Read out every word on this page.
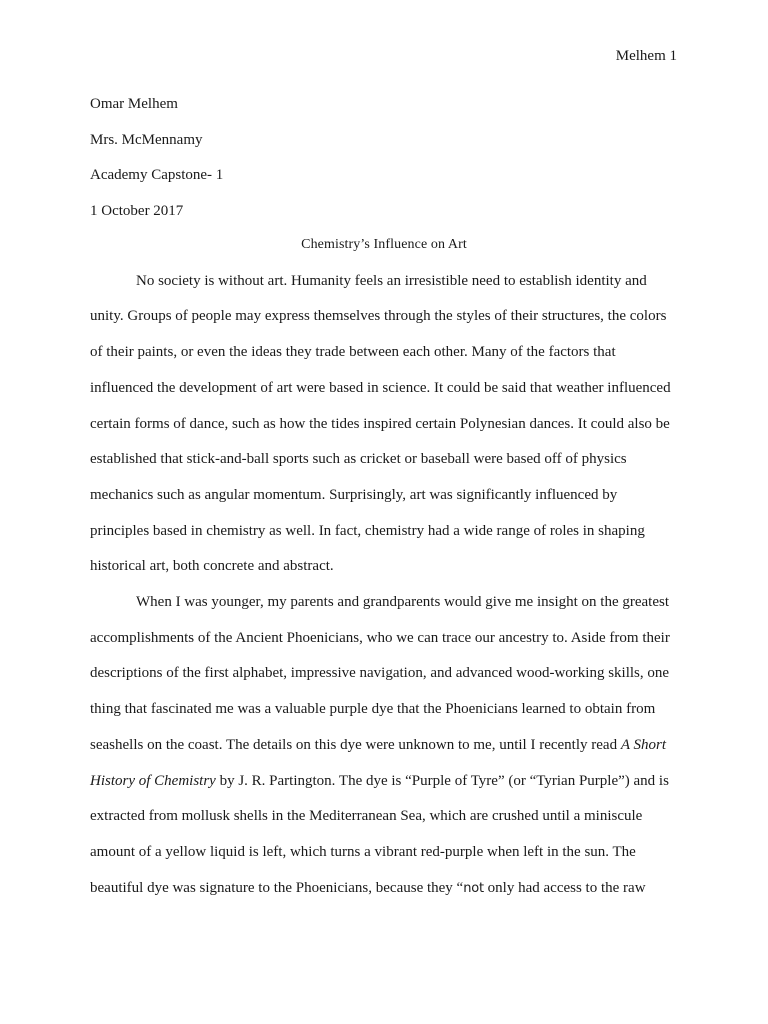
Melhem 1
Omar Melhem
Mrs. McMennamy
Academy Capstone- 1
1 October 2017
Chemistry’s Influence on Art
No society is without art. Humanity feels an irresistible need to establish identity and
unity. Groups of people may express themselves through the styles of their structures, the colors
of their paints, or even the ideas they trade between each other. Many of the factors that
influenced the development of art were based in science. It could be said that weather influenced
certain forms of dance, such as how the tides inspired certain Polynesian dances. It could also be
established that stick-and-ball sports such as cricket or baseball were based off of physics
mechanics such as angular momentum. Surprisingly, art was significantly influenced by
principles based in chemistry as well. In fact, chemistry had a wide range of roles in shaping
historical art, both concrete and abstract.
When I was younger, my parents and grandparents would give me insight on the greatest
accomplishments of the Ancient Phoenicians, who we can trace our ancestry to. Aside from their
descriptions of the first alphabet, impressive navigation, and advanced wood-working skills, one
thing that fascinated me was a valuable purple dye that the Phoenicians learned to obtain from
seashells on the coast. The details on this dye were unknown to me, until I recently read A Short
History of Chemistry by J. R. Partington. The dye is “Purple of Tyre” (or “Tyrian Purple”) and is
extracted from mollusk shells in the Mediterranean Sea, which are crushed until a miniscule
amount of a yellow liquid is left, which turns a vibrant red-purple when left in the sun. The
beautiful dye was signature to the Phoenicians, because they “not only had access to the raw
